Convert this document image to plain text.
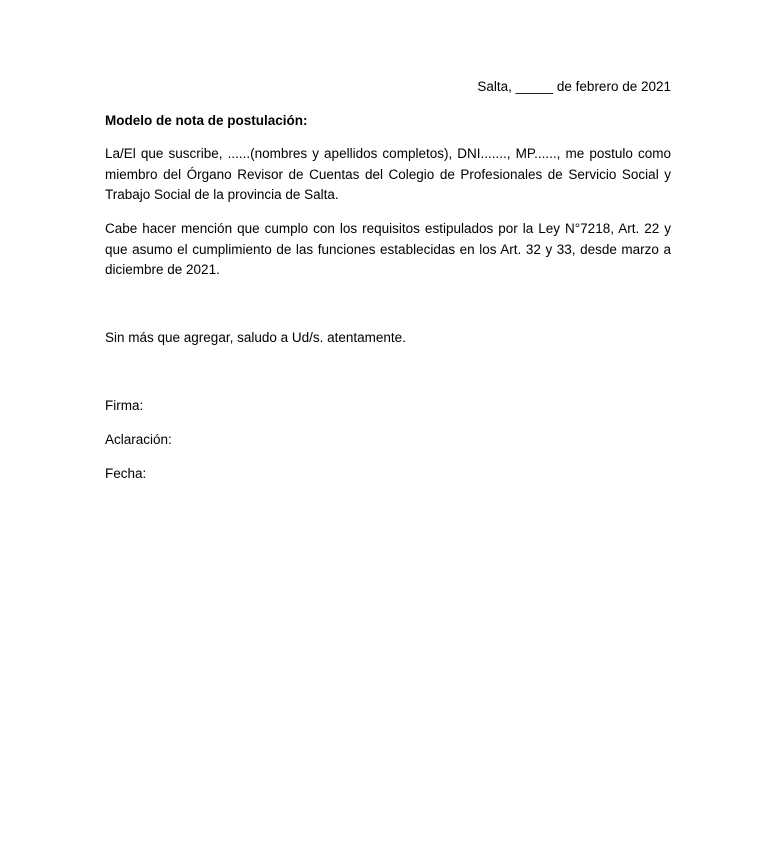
Salta, _____ de febrero de 2021
Modelo de nota de postulación:

La/El que suscribe, ......(nombres y apellidos completos), DNI......., MP......, me postulo como miembro del Órgano Revisor de Cuentas del Colegio de Profesionales de Servicio Social y Trabajo Social de la provincia de Salta.

Cabe hacer mención que cumplo con los requisitos estipulados por la Ley N°7218, Art. 22 y que asumo el cumplimiento de las funciones establecidas en los Art. 32 y 33, desde marzo a diciembre de 2021.

Sin más que agregar, saludo a Ud/s. atentamente.
Firma:
Aclaración:
Fecha:
